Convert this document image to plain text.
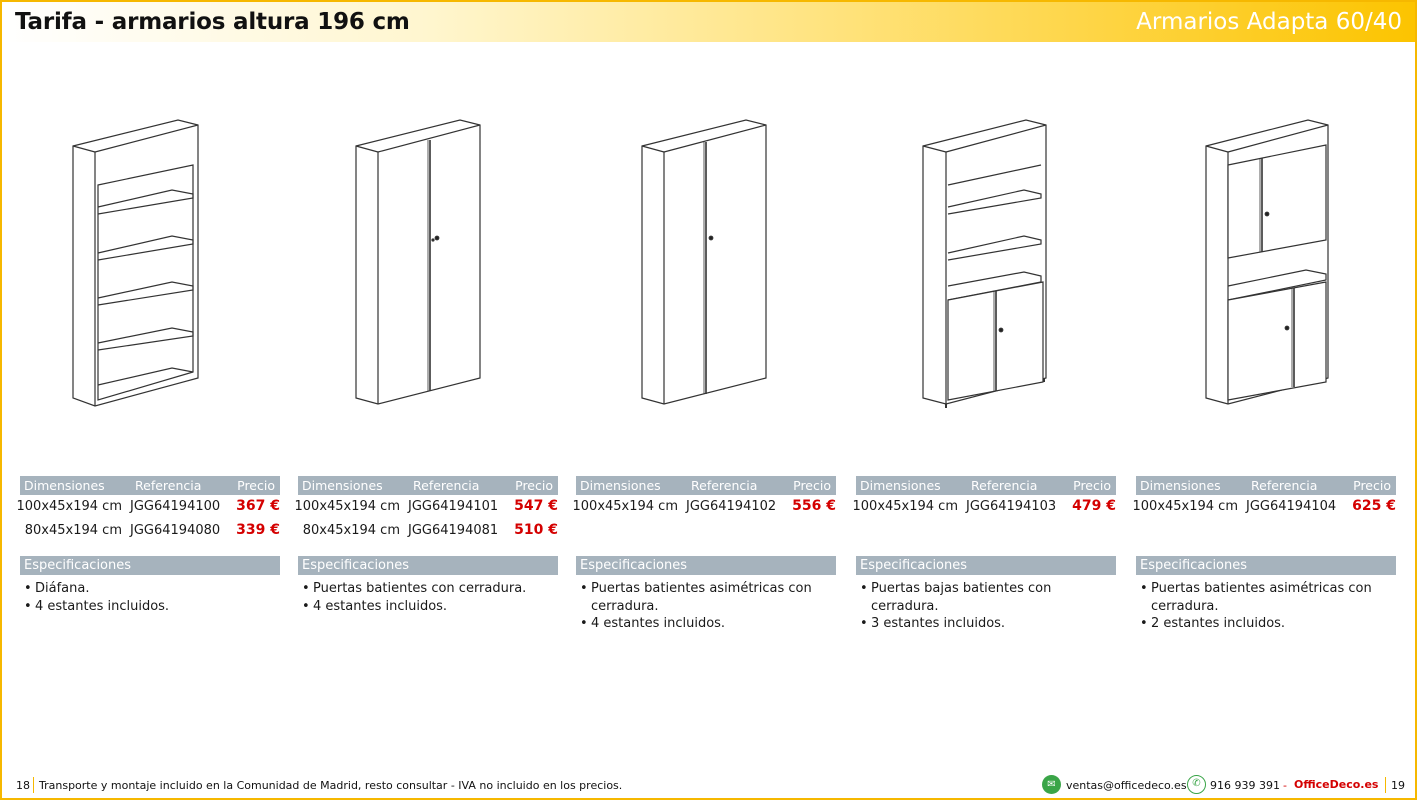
Tarifa - armarios altura 196 cm	Armarios Adapta 60/40
Dimensiones Referencia	Precio
100x45x194 cm JGG64194100 367 €
80x45x194 cm JGG64194080 339 €
Especificaciones
• Diáfana.
• 4 estantes incluidos.
Dimensiones Referencia	Precio
100x45x194 cm JGG64194101 547 €
80x45x194 cm JGG64194081 510 €
Especificaciones
• Puertas batientes con cerradura.
• 4 estantes incluidos.
Dimensiones Referencia	Precio
100x45x194 cm JGG64194102 556 €
Especificaciones
• Puertas batientes asimétricas con cerradura.
• 4 estantes incluidos.
Dimensiones Referencia	Precio
100x45x194 cm JGG64194103 479 €
Especificaciones
• Puertas bajas batientes con cerradura.
• 3 estantes incluidos.
Dimensiones Referencia	Precio
100x45x194 cm JGG64194104 625 €
Especificaciones
• Puertas batientes asimétricas con cerradura.
• 2 estantes incluidos.
18 Transporte y montaje incluido en la Comunidad de Madrid, resto consultar - IVA no incluido en los precios.	✉ ventas@officedeco.es ✆ 916 939 391 - OfficeDeco.es 19
